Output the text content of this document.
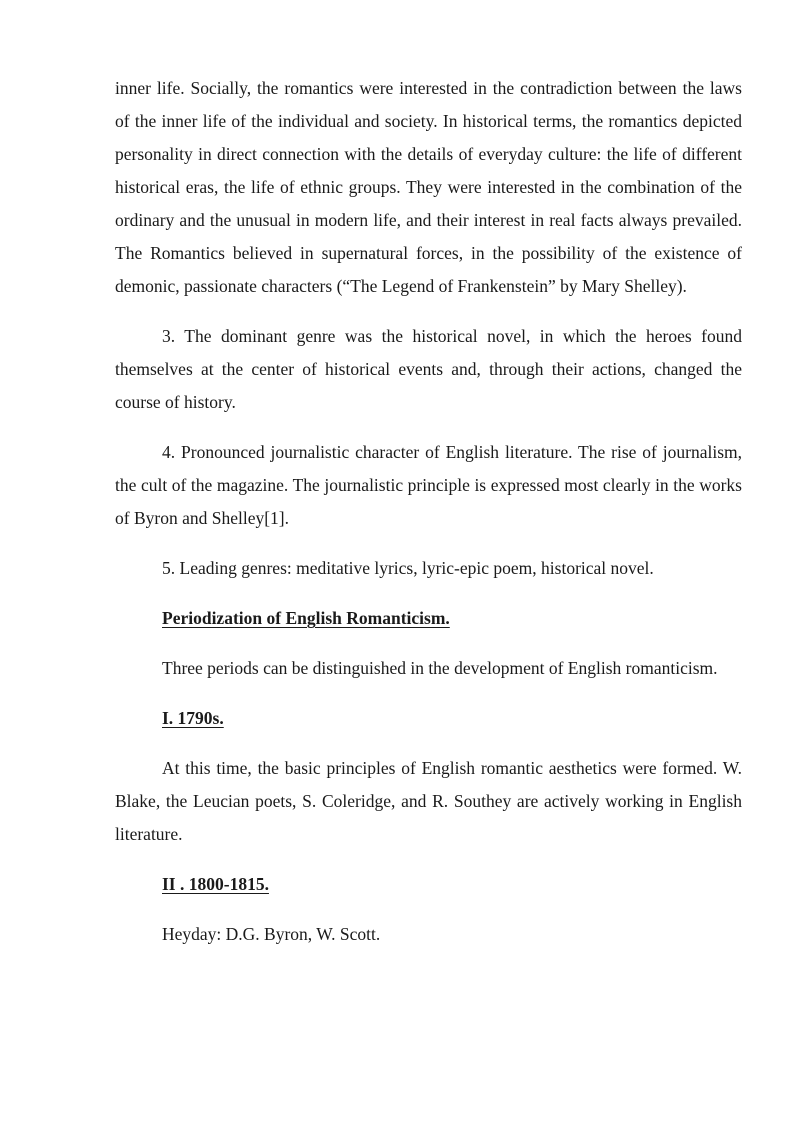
inner life. Socially, the romantics were interested in the contradiction between the laws of the inner life of the individual and society. In historical terms, the romantics depicted personality in direct connection with the details of everyday culture: the life of different historical eras, the life of ethnic groups. They were interested in the combination of the ordinary and the unusual in modern life, and their interest in real facts always prevailed. The Romantics believed in supernatural forces, in the possibility of the existence of demonic, passionate characters (“The Legend of Frankenstein” by Mary Shelley).

3. The dominant genre was the historical novel, in which the heroes found themselves at the center of historical events and, through their actions, changed the course of history.

4. Pronounced journalistic character of English literature. The rise of journalism, the cult of the magazine. The journalistic principle is expressed most clearly in the works of Byron and Shelley[1].

5. Leading genres: meditative lyrics, lyric-epic poem, historical novel.

Periodization of English Romanticism.

Three periods can be distinguished in the development of English romanticism.

I. 1790s.

At this time, the basic principles of English romantic aesthetics were formed. W. Blake, the Leucian poets, S. Coleridge, and R. Southey are actively working in English literature.

II . 1800-1815.

Heyday: D.G. Byron, W. Scott.
